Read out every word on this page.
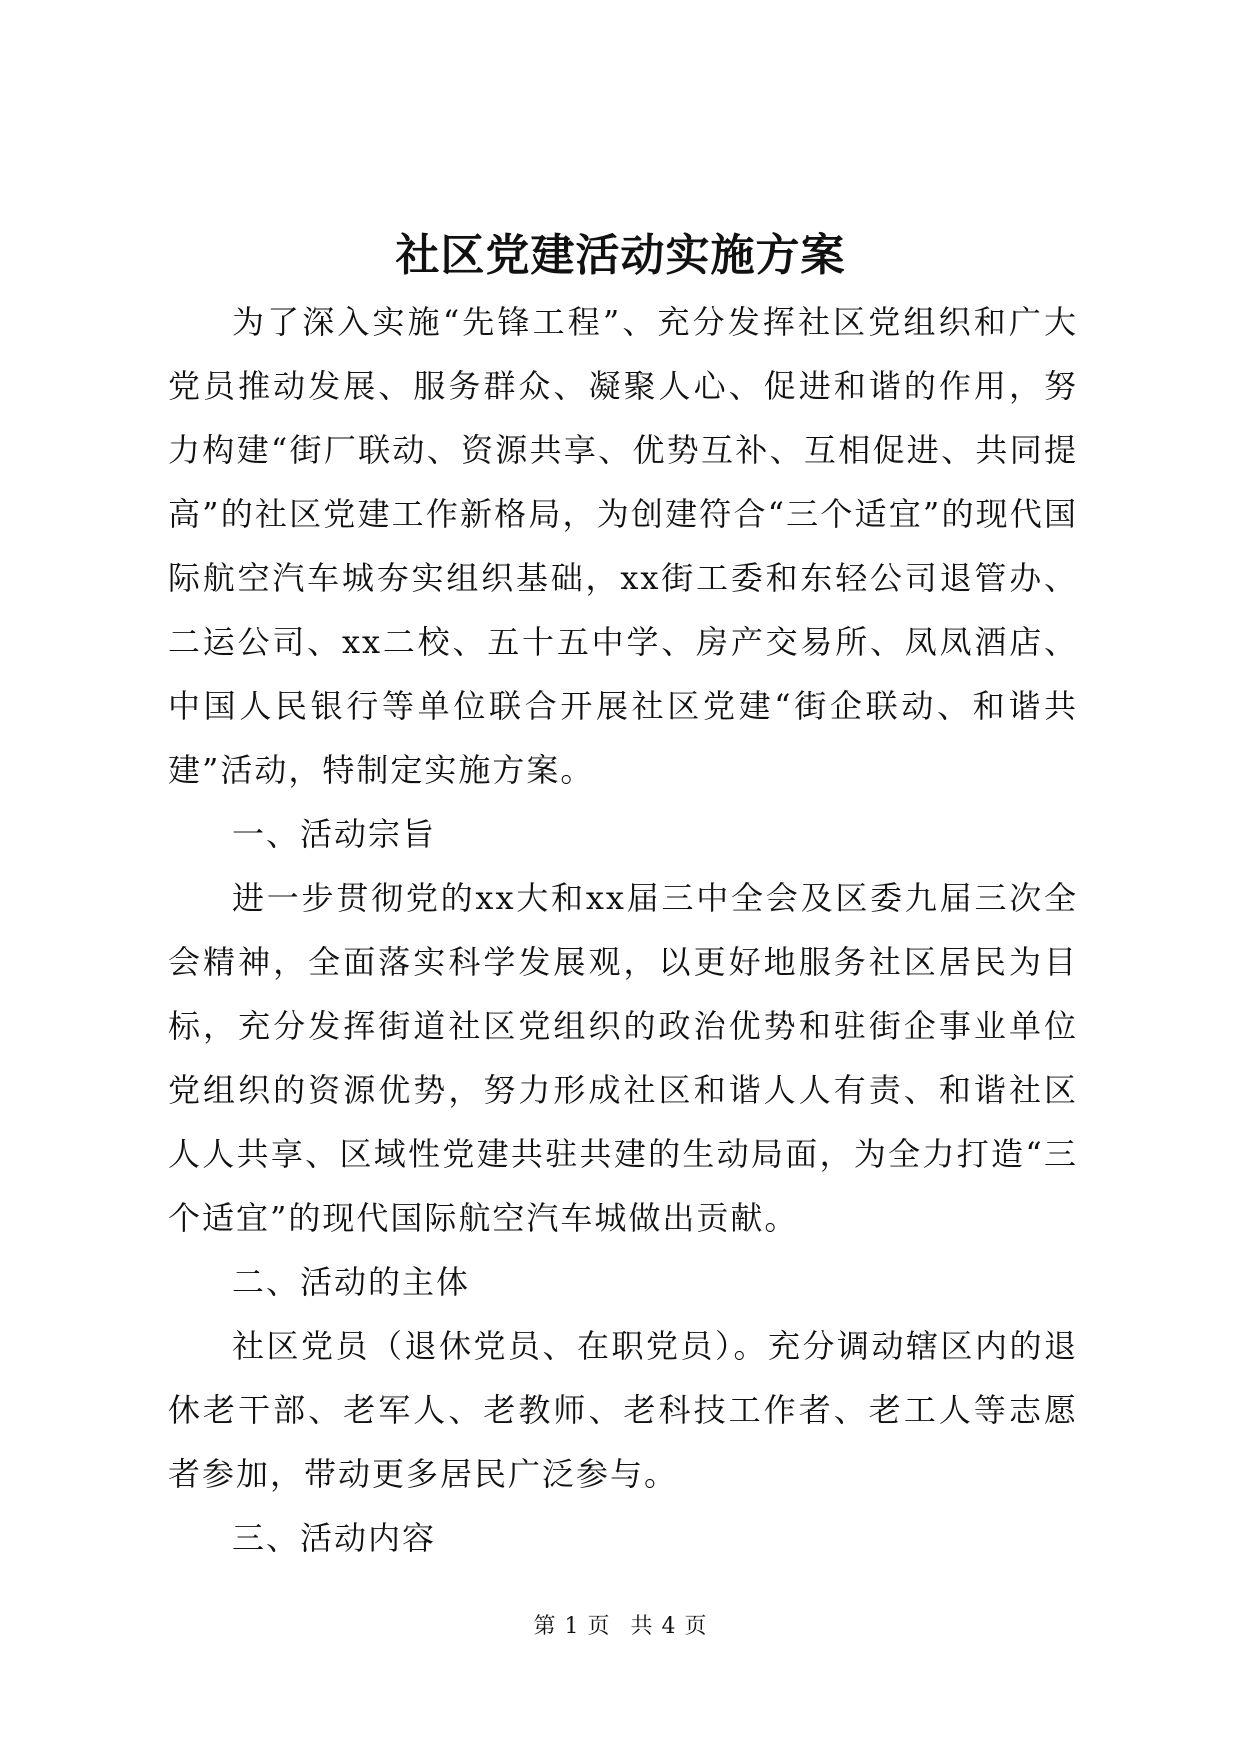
社区党建活动实施方案

为了深入实施“先锋工程”、充分发挥社区党组织和广大党员推动发展、服务群众、凝聚人心、促进和谐的作用，努力构建“街厂联动、资源共享、优势互补、互相促进、共同提高”的社区党建工作新格局，为创建符合“三个适宜”的现代国际航空汽车城夯实组织基础，xx街工委和东轻公司退管办、二运公司、xx二校、五十五中学、房产交易所、凤凤酒店、中国人民银行等单位联合开展社区党建“街企联动、和谐共建”活动，特制定实施方案。

一、活动宗旨

进一步贯彻党的xx大和xx届三中全会及区委九届三次全会精神，全面落实科学发展观，以更好地服务社区居民为目标，充分发挥街道社区党组织的政治优势和驻街企事业单位党组织的资源优势，努力形成社区和谐人人有责、和谐社区人人共享、区域性党建共驻共建的生动局面，为全力打造“三个适宜”的现代国际航空汽车城做出贡献。

二、活动的主体

社区党员（退休党员、在职党员）。充分调动辖区内的退休老干部、老军人、老教师、老科技工作者、老工人等志愿者参加，带动更多居民广泛参与。

三、活动内容

第 1 页 共 4 页
